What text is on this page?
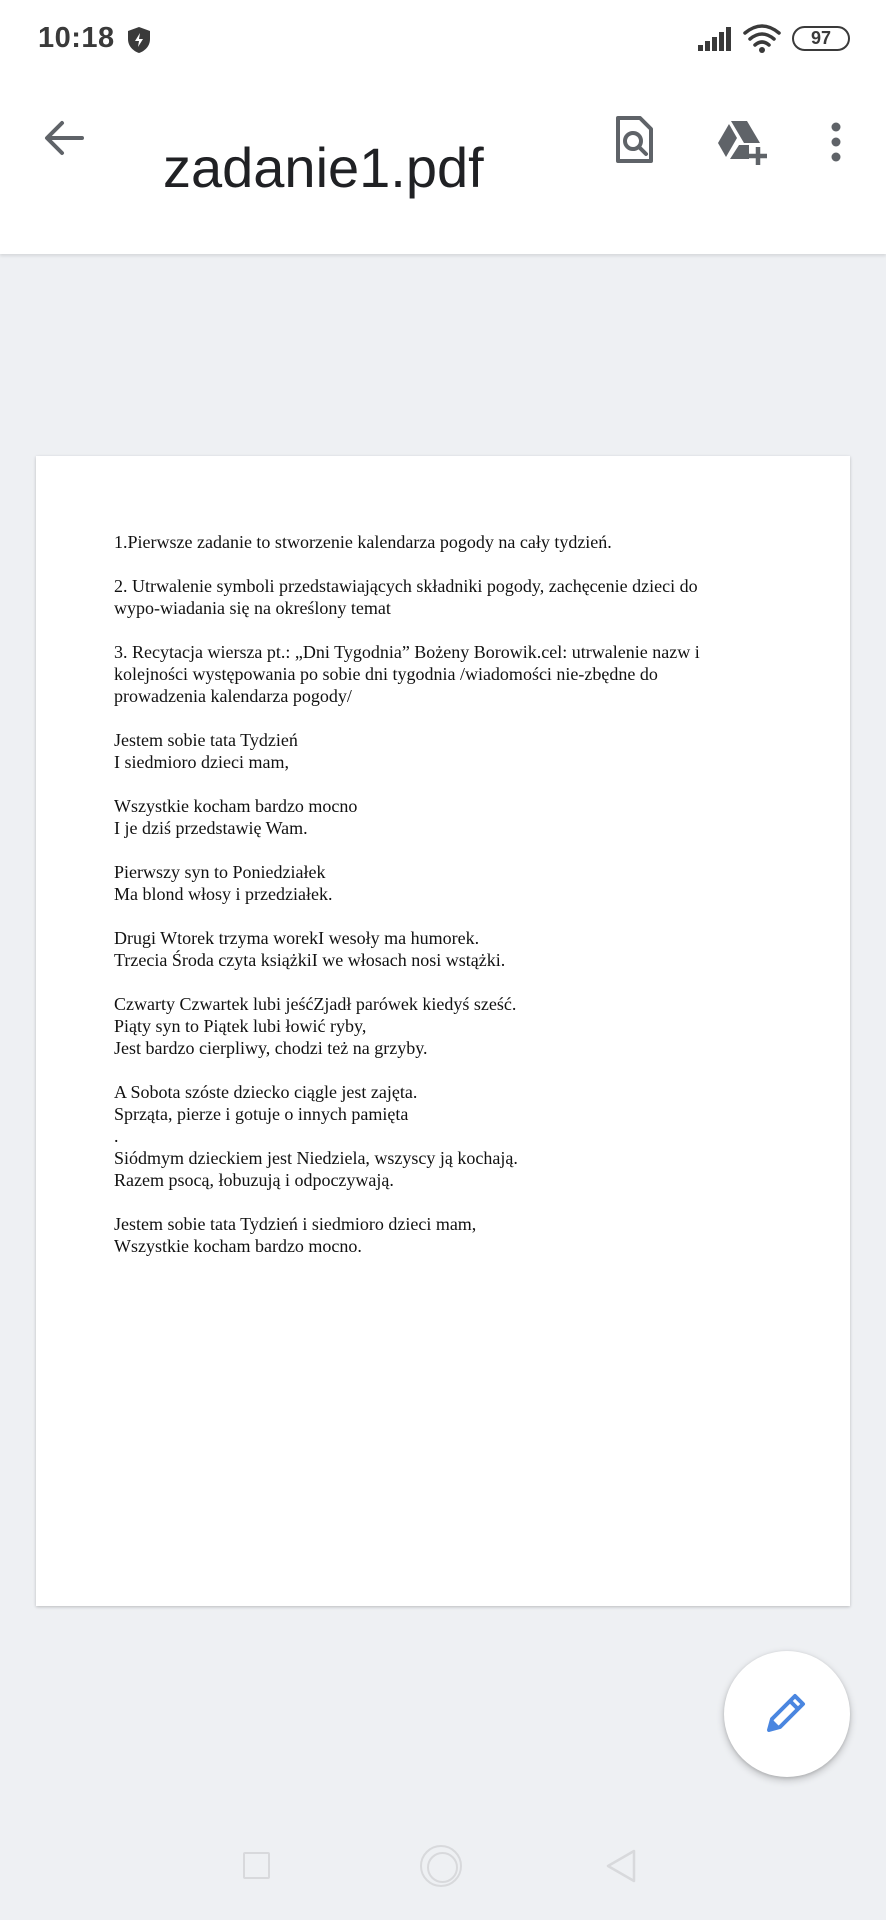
10:18	97
zadanie1.pdf
1.Pierwsze zadanie to stworzenie kalendarza pogody na cały tydzień.
2. Utrwalenie symboli przedstawiających składniki pogody, zachęcenie dzieci do
wypo-wiadania się na określony temat
3. Recytacja wiersza pt.: „Dni Tygodnia” Bożeny Borowik.cel: utrwalenie nazw i
kolejności występowania po sobie dni tygodnia /wiadomości nie-zbędne do
prowadzenia kalendarza pogody/
Jestem sobie tata Tydzień
I siedmioro dzieci mam,
Wszystkie kocham bardzo mocno
I je dziś przedstawię Wam.
Pierwszy syn to Poniedziałek
Ma blond włosy i przedziałek.
Drugi Wtorek trzyma worekI wesoły ma humorek.
Trzecia Środa czyta książkiI we włosach nosi wstążki.
Czwarty Czwartek lubi jeśćZjadł parówek kiedyś sześć.
Piąty syn to Piątek lubi łowić ryby,
Jest bardzo cierpliwy, chodzi też na grzyby.
A Sobota szóste dziecko ciągle jest zajęta.
Sprząta, pierze i gotuje o innych pamięta
.
Siódmym dzieckiem jest Niedziela, wszyscy ją kochają.
Razem psocą, łobuzują i odpoczywają.
Jestem sobie tata Tydzień i siedmioro dzieci mam,
Wszystkie kocham bardzo mocno.
